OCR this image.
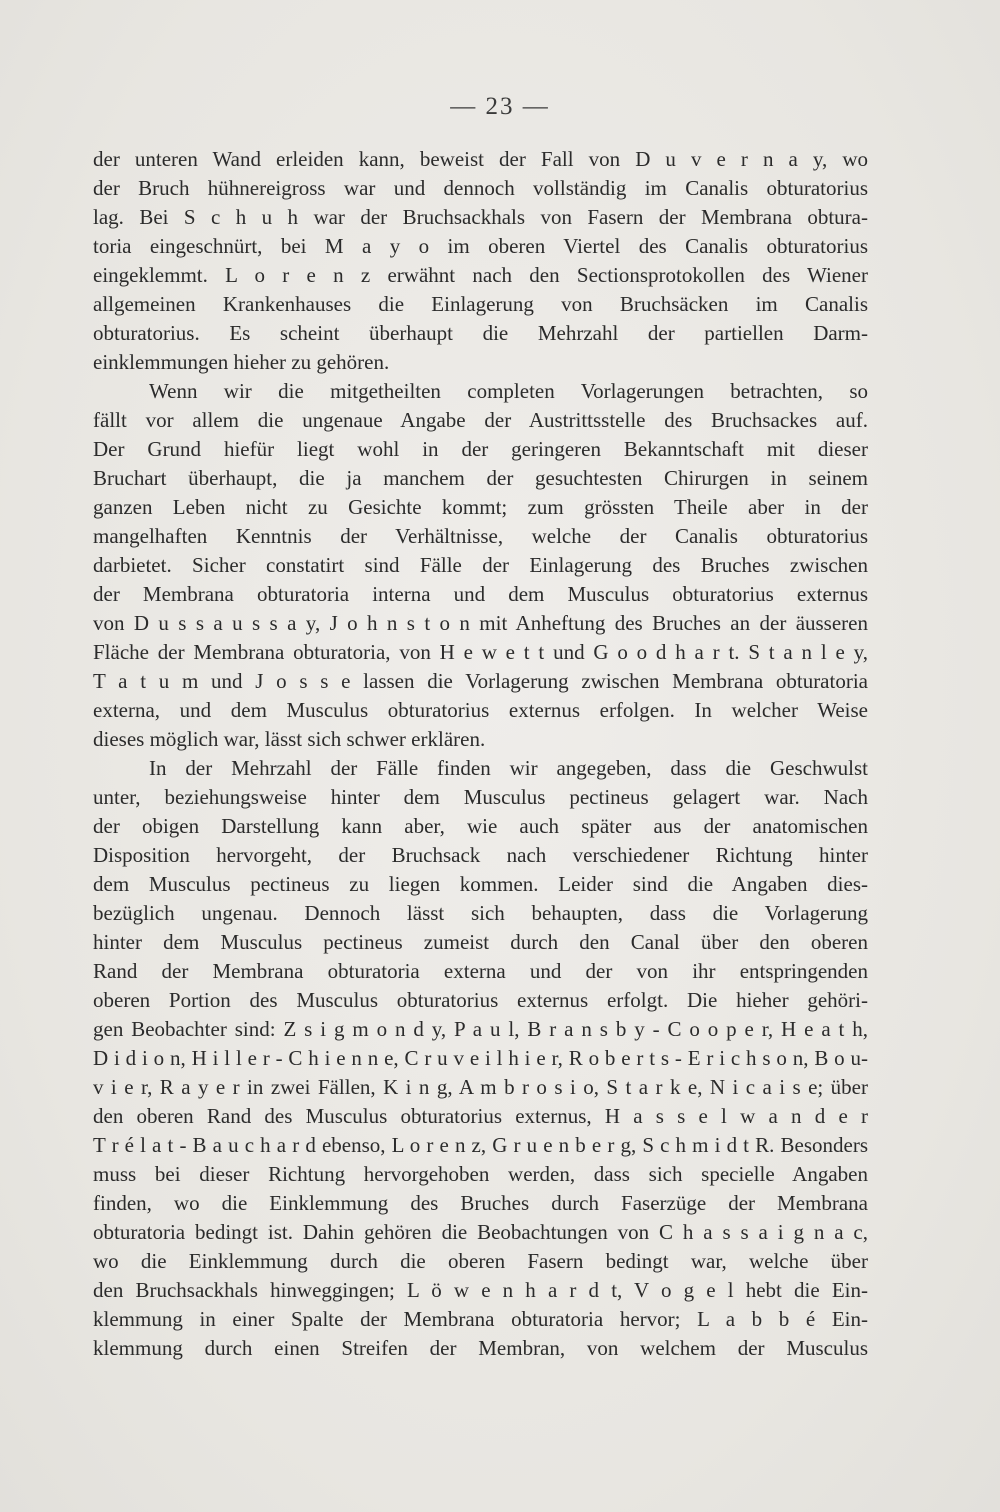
— 23 —
der unteren Wand erleiden kann, beweist der Fall von D u v e r n a y, wo
der Bruch hühnereigross war und dennoch vollständig im Canalis obturatorius
lag. Bei S c h u h war der Bruchsackhals von Fasern der Membrana obtura-
toria eingeschnürt, bei M a y o im oberen Viertel des Canalis obturatorius
eingeklemmt. L o r e n z erwähnt nach den Sectionsprotokollen des Wiener
allgemeinen Krankenhauses die Einlagerung von Bruchsäcken im Canalis
obturatorius. Es scheint überhaupt die Mehrzahl der partiellen Darm-
einklemmungen hieher zu gehören.
Wenn wir die mitgetheilten completen Vorlagerungen betrachten, so
fällt vor allem die ungenaue Angabe der Austrittsstelle des Bruchsackes auf.
Der Grund hiefür liegt wohl in der geringeren Bekanntschaft mit dieser
Bruchart überhaupt, die ja manchem der gesuchtesten Chirurgen in seinem
ganzen Leben nicht zu Gesichte kommt; zum grössten Theile aber in der
mangelhaften Kenntnis der Verhältnisse, welche der Canalis obturatorius
darbietet. Sicher constatirt sind Fälle der Einlagerung des Bruches zwischen
der Membrana obturatoria interna und dem Musculus obturatorius externus
von D u s s a u s s a y, J o h n s t o n mit Anheftung des Bruches an der äusseren
Fläche der Membrana obturatoria, von H e w e t t und G o o d h a r t. S t a n l e y,
T a t u m und J o s s e lassen die Vorlagerung zwischen Membrana obturatoria
externa, und dem Musculus obturatorius externus erfolgen. In welcher Weise
dieses möglich war, lässt sich schwer erklären.
In der Mehrzahl der Fälle finden wir angegeben, dass die Geschwulst
unter, beziehungsweise hinter dem Musculus pectineus gelagert war. Nach
der obigen Darstellung kann aber, wie auch später aus der anatomischen
Disposition hervorgeht, der Bruchsack nach verschiedener Richtung hinter
dem Musculus pectineus zu liegen kommen. Leider sind die Angaben dies-
bezüglich ungenau. Dennoch lässt sich behaupten, dass die Vorlagerung
hinter dem Musculus pectineus zumeist durch den Canal über den oberen
Rand der Membrana obturatoria externa und der von ihr entspringenden
oberen Portion des Musculus obturatorius externus erfolgt. Die hieher gehöri-
gen Beobachter sind: Z s i g m o n d y, P a u l, B r a n s b y - C o o p e r, H e a t h,
D i d i o n, H i l l e r - C h i e n n e, C r u v e i l h i e r, R o b e r t s - E r i c h s o n, B o u-
v i e r, R a y e r in zwei Fällen, K i n g, A m b r o s i o, S t a r k e, N i c a i s e; über
den oberen Rand des Musculus obturatorius externus, H a s s e l w a n d e r
T r é l a t - B a u c h a r d ebenso, L o r e n z, G r u e n b e r g, S c h m i d t R. Besonders
muss bei dieser Richtung hervorgehoben werden, dass sich specielle Angaben
finden, wo die Einklemmung des Bruches durch Faserzüge der Membrana
obturatoria bedingt ist. Dahin gehören die Beobachtungen von C h a s s a i g n a c,
wo die Einklemmung durch die oberen Fasern bedingt war, welche über
den Bruchsackhals hinweggingen; L ö w e n h a r d t, V o g e l hebt die Ein-
klemmung in einer Spalte der Membrana obturatoria hervor; L a b b é Ein-
klemmung durch einen Streifen der Membran, von welchem der Musculus
